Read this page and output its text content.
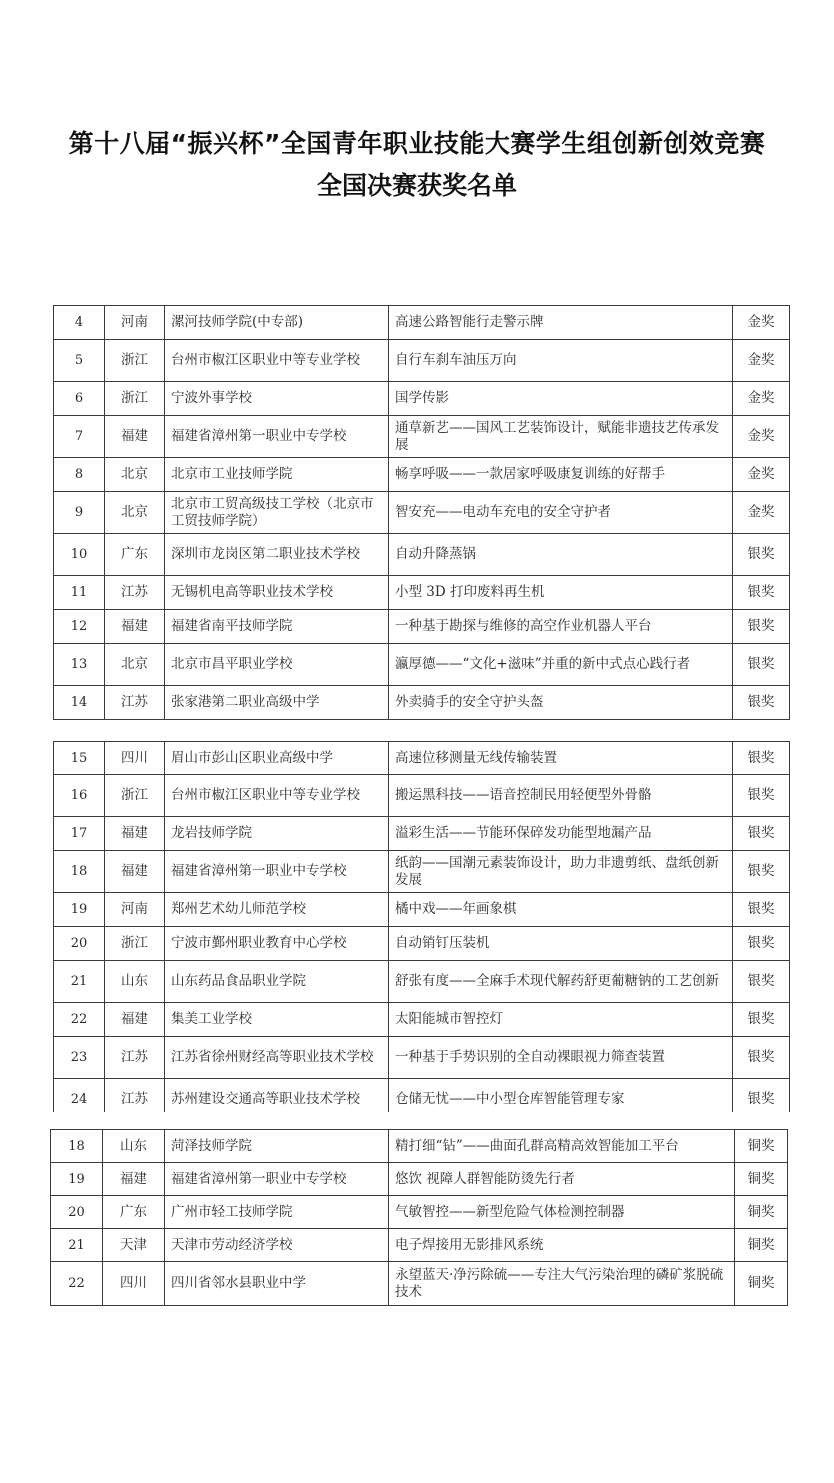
第十八届“振兴杯”全国青年职业技能大赛学生组创新创效竞赛
全国决赛获奖名单
4	河南	漯河技师学院(中专部)	高速公路智能行走警示牌	金奖
5	浙江	台州市椒江区职业中等专业学校	自行车刹车油压万向	金奖
6	浙江	宁波外事学校	国学传影	金奖
7	福建	福建省漳州第一职业中专学校	通草新艺——国风工艺装饰设计，赋能非遗技艺传承发展	金奖
8	北京	北京市工业技师学院	畅享呼吸——一款居家呼吸康复训练的好帮手	金奖
9	北京	北京市工贸高级技工学校（北京市工贸技师学院）	智安充——电动车充电的安全守护者	金奖
10	广东	深圳市龙岗区第二职业技术学校	自动升降蒸锅	银奖
11	江苏	无锡机电高等职业技术学校	小型 3D 打印废料再生机	银奖
12	福建	福建省南平技师学院	一种基于勘探与维修的高空作业机器人平台	银奖
13	北京	北京市昌平职业学校	瀛厚德——“文化+滋味”并重的新中式点心践行者	银奖
14	江苏	张家港第二职业高级中学	外卖骑手的安全守护头盔	银奖
15	四川	眉山市彭山区职业高级中学	高速位移测量无线传输装置	银奖
16	浙江	台州市椒江区职业中等专业学校	搬运黑科技——语音控制民用轻便型外骨骼	银奖
17	福建	龙岩技师学院	溢彩生活——节能环保碎发功能型地漏产品	银奖
18	福建	福建省漳州第一职业中专学校	纸韵——国潮元素装饰设计，助力非遗剪纸、盘纸创新发展	银奖
19	河南	郑州艺术幼儿师范学校	橘中戏——年画象棋	银奖
20	浙江	宁波市鄞州职业教育中心学校	自动销钉压装机	银奖
21	山东	山东药品食品职业学院	舒张有度——全麻手术现代解药舒更葡糖钠的工艺创新	银奖
22	福建	集美工业学校	太阳能城市智控灯	银奖
23	江苏	江苏省徐州财经高等职业技术学校	一种基于手势识别的全自动裸眼视力筛查装置	银奖
24	江苏	苏州建设交通高等职业技术学校	仓储无忧——中小型仓库智能管理专家	银奖
18	山东	菏泽技师学院	精打细“钻”——曲面孔群高精高效智能加工平台	铜奖
19	福建	福建省漳州第一职业中专学校	悠饮 视障人群智能防烫先行者	铜奖
20	广东	广州市轻工技师学院	气敏智控——新型危险气体检测控制器	铜奖
21	天津	天津市劳动经济学校	电子焊接用无影排风系统	铜奖
22	四川	四川省邻水县职业中学	永望蓝天·净污除硫——专注大气污染治理的磷矿浆脱硫技术	铜奖
